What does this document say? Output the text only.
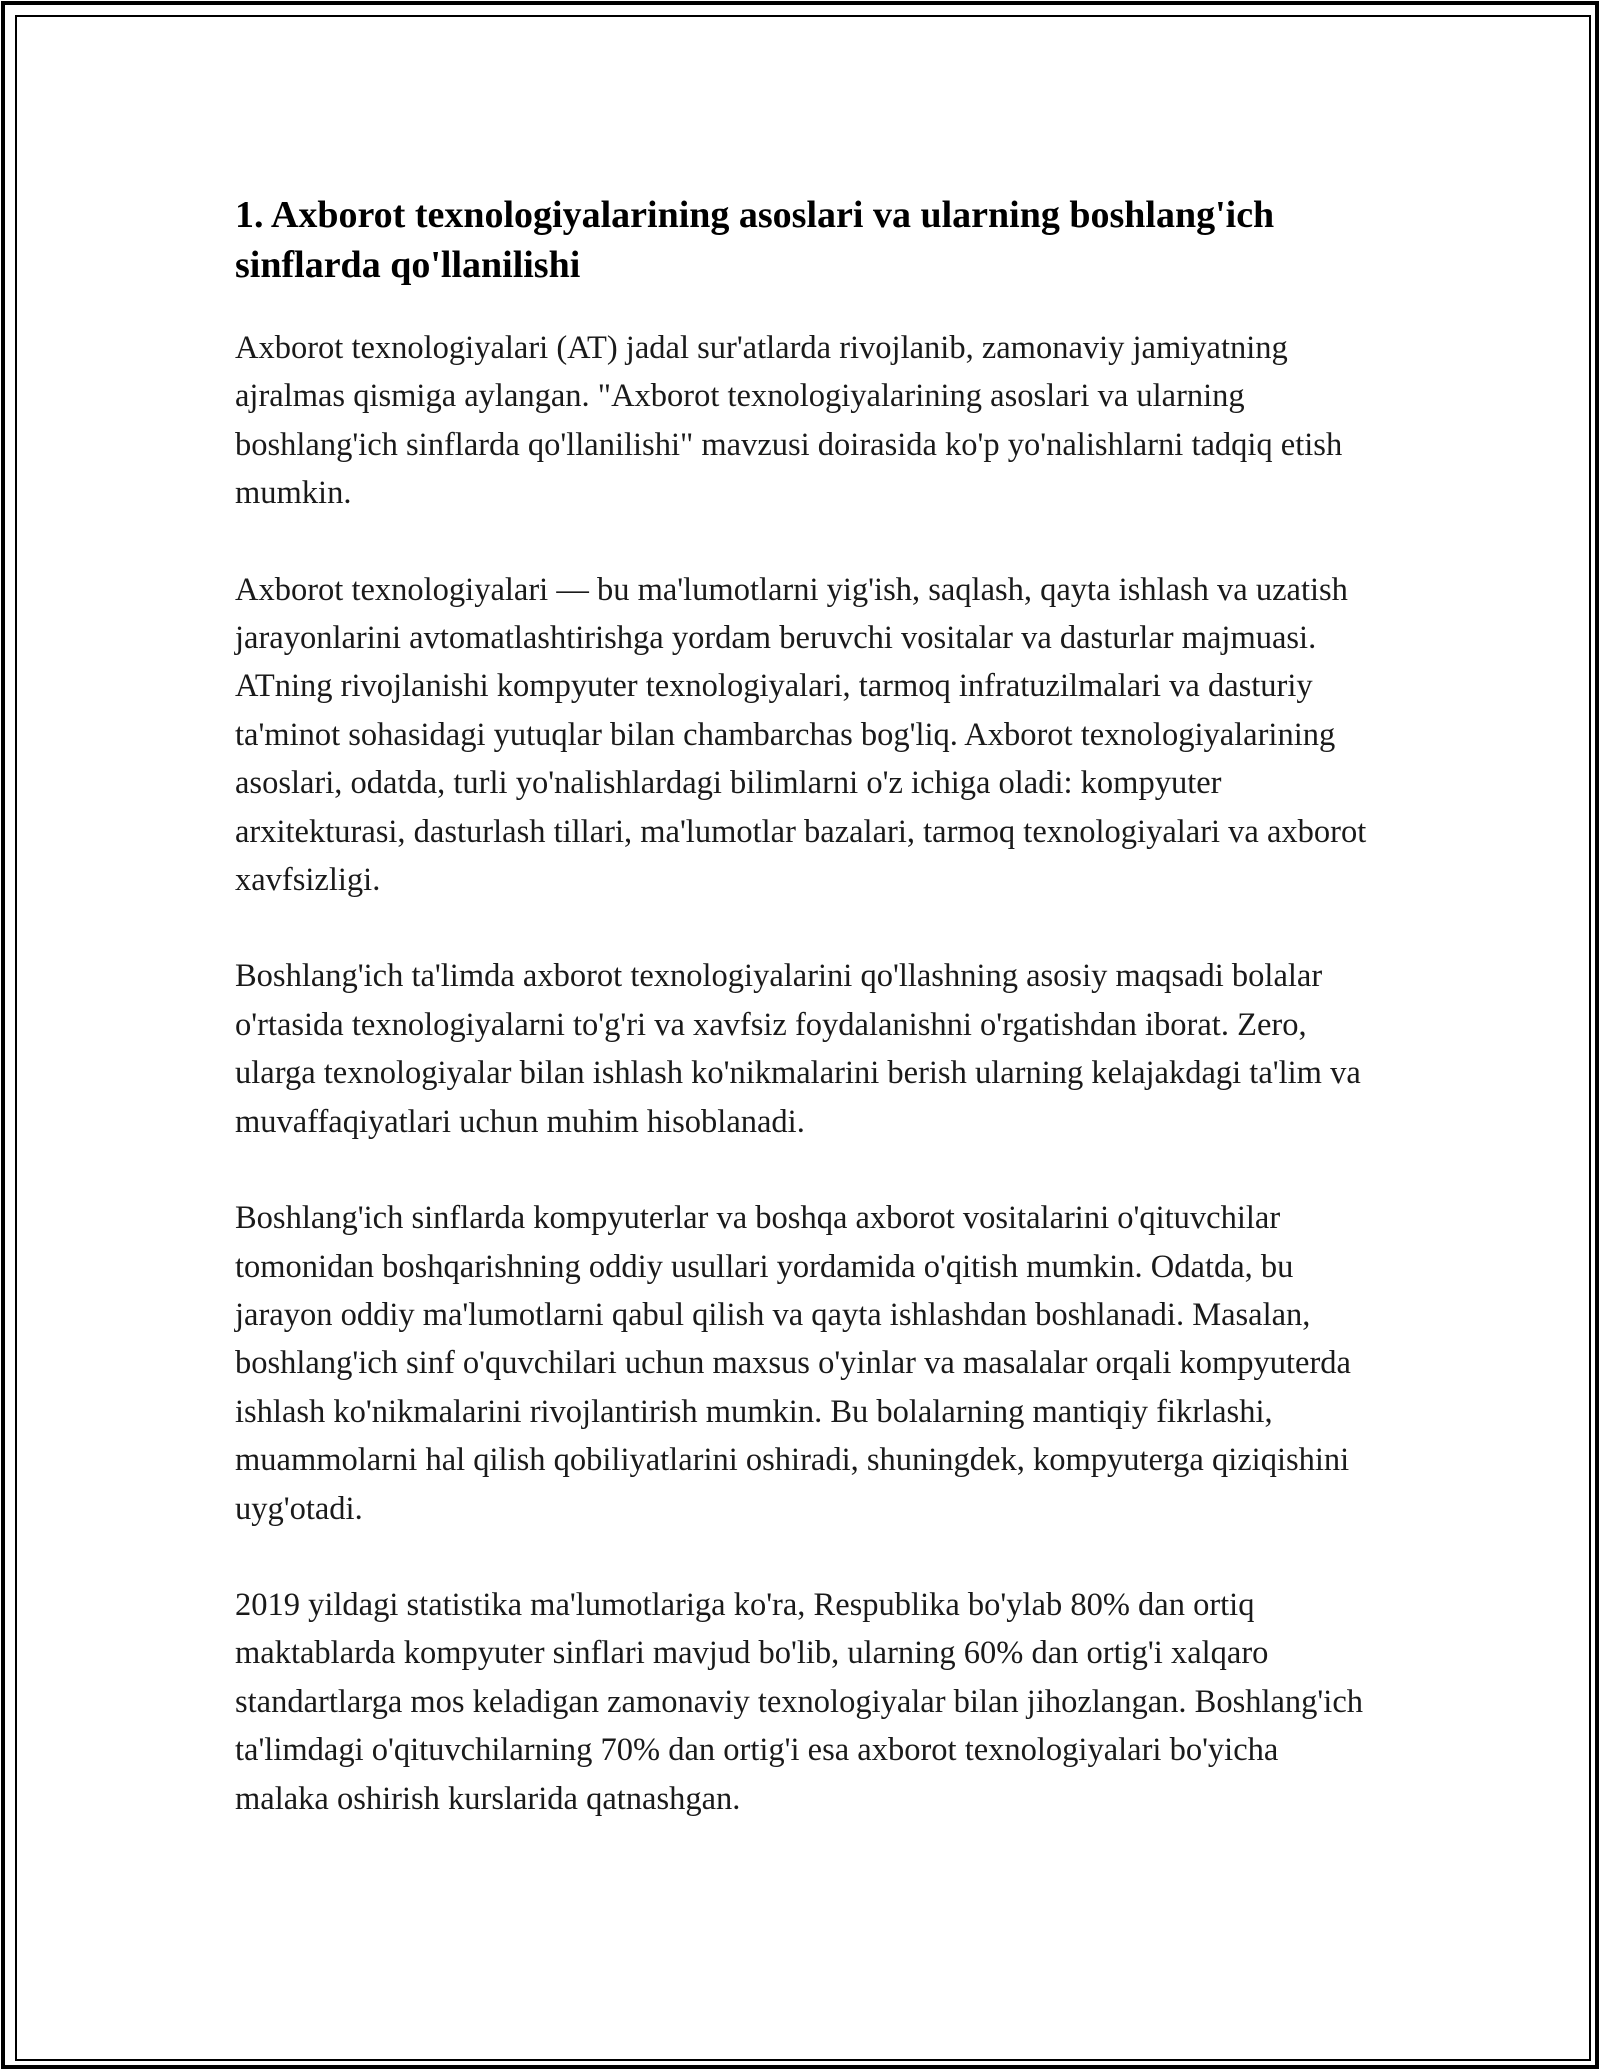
1. Axborot texnologiyalarining asoslari va ularning boshlang'ich sinflarda qo'llanilishi

Axborot texnologiyalari (AT) jadal sur'atlarda rivojlanib, zamonaviy jamiyatning ajralmas qismiga aylangan. "Axborot texnologiyalarining asoslari va ularning boshlang'ich sinflarda qo'llanilishi" mavzusi doirasida ko'p yo'nalishlarni tadqiq etish mumkin.

Axborot texnologiyalari — bu ma'lumotlarni yig'ish, saqlash, qayta ishlash va uzatish jarayonlarini avtomatlashtirishga yordam beruvchi vositalar va dasturlar majmuasi. ATning rivojlanishi kompyuter texnologiyalari, tarmoq infratuzilmalari va dasturiy ta'minot sohasidagi yutuqlar bilan chambarchas bog'liq. Axborot texnologiyalarining asoslari, odatda, turli yo'nalishlardagi bilimlarni o'z ichiga oladi: kompyuter arxitekturasi, dasturlash tillari, ma'lumotlar bazalari, tarmoq texnologiyalari va axborot xavfsizligi.

Boshlang'ich ta'limda axborot texnologiyalarini qo'llashning asosiy maqsadi bolalar o'rtasida texnologiyalarni to'g'ri va xavfsiz foydalanishni o'rgatishdan iborat. Zero, ularga texnologiyalar bilan ishlash ko'nikmalarini berish ularning kelajakdagi ta'lim va muvaffaqiyatlari uchun muhim hisoblanadi.

Boshlang'ich sinflarda kompyuterlar va boshqa axborot vositalarini o'qituvchilar tomonidan boshqarishning oddiy usullari yordamida o'qitish mumkin. Odatda, bu jarayon oddiy ma'lumotlarni qabul qilish va qayta ishlashdan boshlanadi. Masalan, boshlang'ich sinf o'quvchilari uchun maxsus o'yinlar va masalalar orqali kompyuterda ishlash ko'nikmalarini rivojlantirish mumkin. Bu bolalarning mantiqiy fikrlashi, muammolarni hal qilish qobiliyatlarini oshiradi, shuningdek, kompyuterga qiziqishini uyg'otadi.

2019 yildagi statistika ma'lumotlariga ko'ra, Respublika bo'ylab 80% dan ortiq maktablarda kompyuter sinflari mavjud bo'lib, ularning 60% dan ortig'i xalqaro standartlarga mos keladigan zamonaviy texnologiyalar bilan jihozlangan. Boshlang'ich ta'limdagi o'qituvchilarning 70% dan ortig'i esa axborot texnologiyalari bo'yicha malaka oshirish kurslarida qatnashgan.
